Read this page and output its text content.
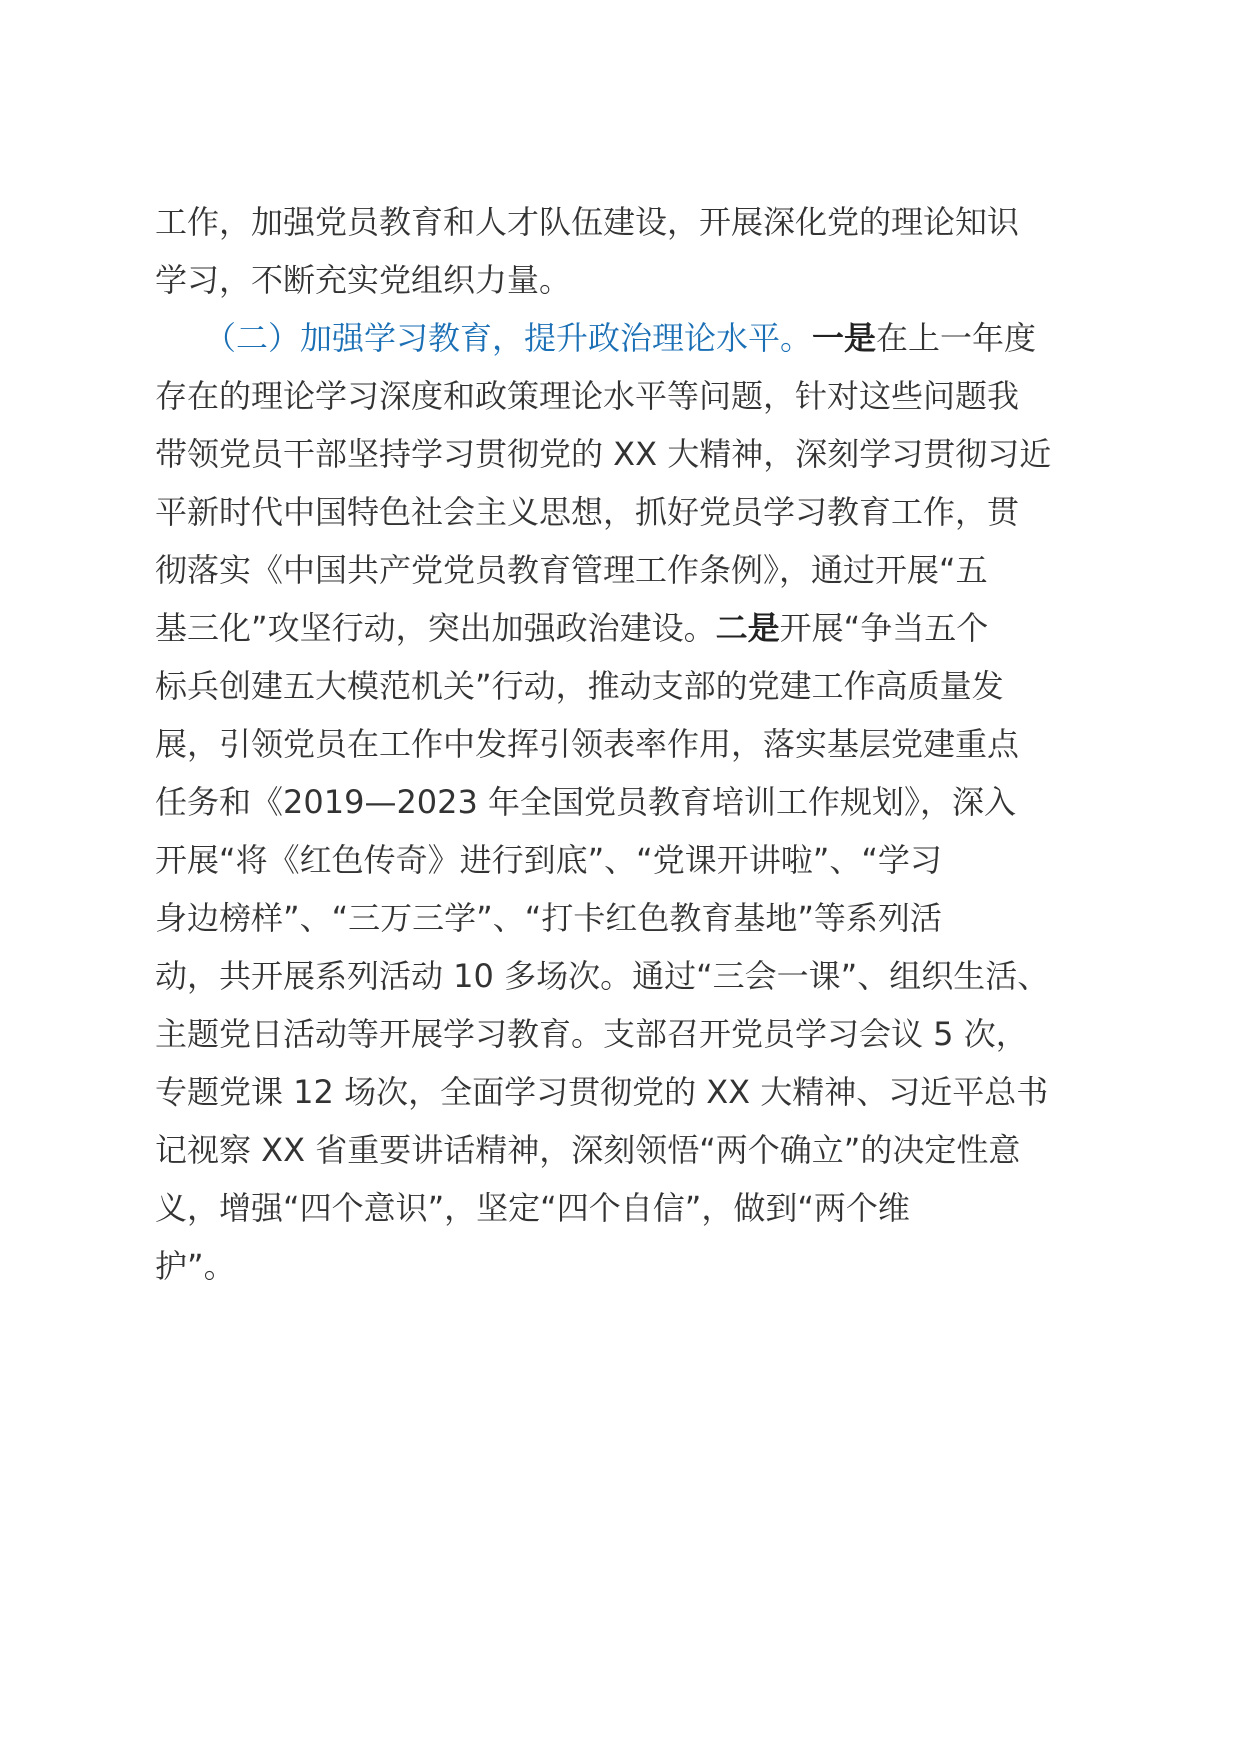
工作，加强党员教育和人才队伍建设，开展深化党的理论知识
学习，不断充实党组织力量。
（二）加强学习教育，提升政治理论水平。一是在上一年度
存在的理论学习深度和政策理论水平等问题，针对这些问题我
带领党员干部坚持学习贯彻党的 XX 大精神，深刻学习贯彻习近
平新时代中国特色社会主义思想，抓好党员学习教育工作，贯
彻落实《中国共产党党员教育管理工作条例》，通过开展“五
基三化”攻坚行动，突出加强政治建设。二是开展“争当五个
标兵创建五大模范机关”行动，推动支部的党建工作高质量发
展，引领党员在工作中发挥引领表率作用，落实基层党建重点
任务和《2019—2023 年全国党员教育培训工作规划》，深入
开展“将《红色传奇》进行到底”、“党课开讲啦”、“学习
身边榜样”、“三万三学”、“打卡红色教育基地”等系列活
动，共开展系列活动 10 多场次。通过“三会一课”、组织生活、
主题党日活动等开展学习教育。支部召开党员学习会议 5 次，
专题党课 12 场次，全面学习贯彻党的 XX 大精神、习近平总书
记视察 XX 省重要讲话精神，深刻领悟“两个确立”的决定性意
义，增强“四个意识”，坚定“四个自信”，做到“两个维
护”。
